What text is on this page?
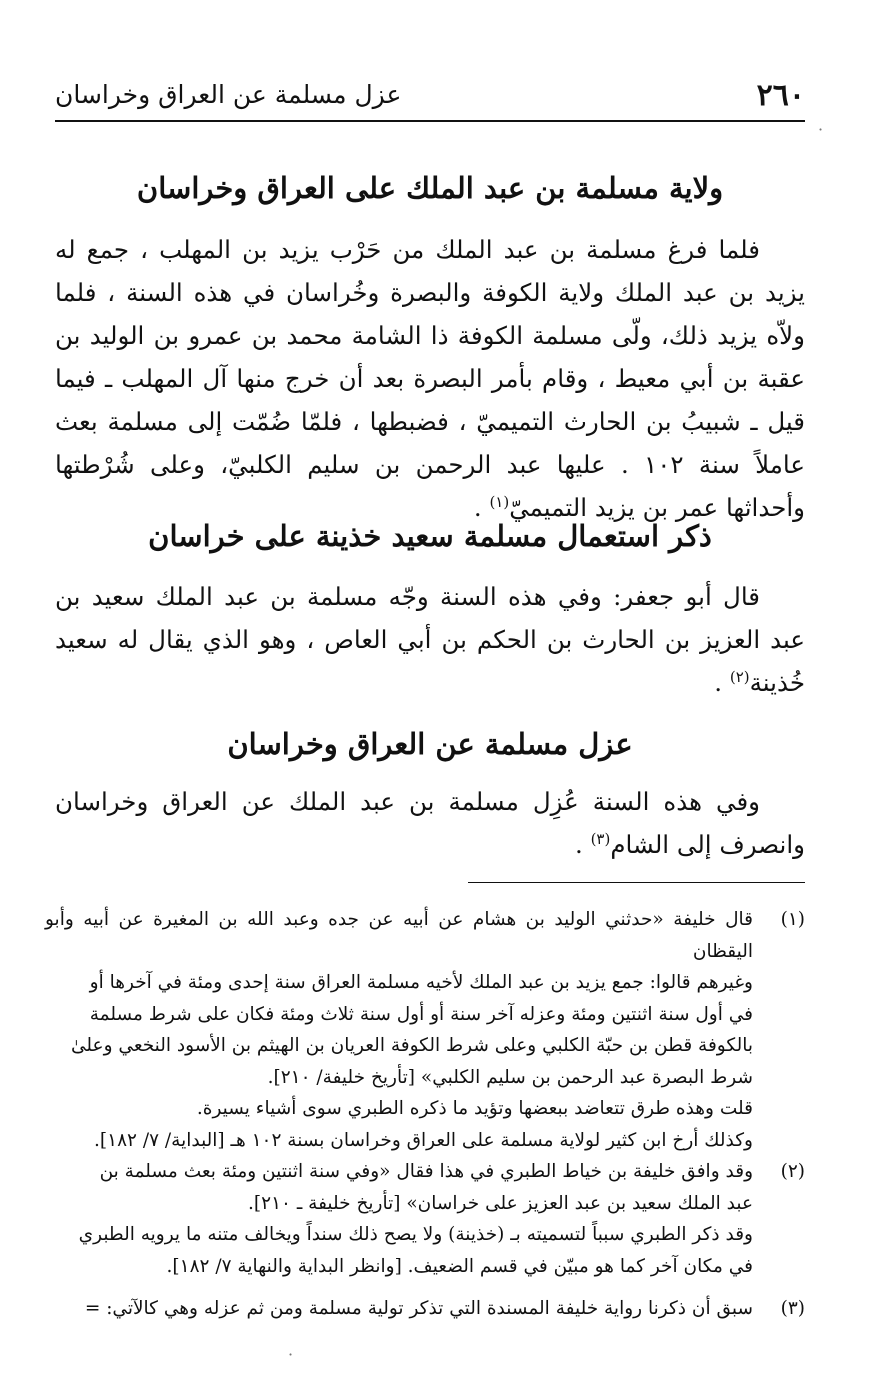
٢٦٠
عزل مسلمة عن العراق وخراسان
ولاية مسلمة بن عبد الملك على العراق وخراسان
فلما فرغ مسلمة بن عبد الملك من حَرْب يزيد بن المهلب ، جمع له يزيد بن عبد الملك ولاية الكوفة والبصرة وخُراسان في هذه السنة ، فلما ولاّه يزيد ذلك، ولّى مسلمة الكوفة ذا الشامة محمد بن عمرو بن الوليد بن عقبة بن أبي معيط ، وقام بأمر البصرة بعد أن خرج منها آل المهلب ـ فيما قيل ـ شبيبُ بن الحارث التميميّ ، فضبطها ، فلمّا ضُمّت إلى مسلمة بعث عاملاً سنة ١٠٢ . عليها عبد الرحمن بن سليم الكلبيّ، وعلى شُرْطتها وأحداثها عمر بن يزيد التميميّ$^{(١)}$ .
ذكر استعمال مسلمة سعيد خذينة على خراسان
قال أبو جعفر: وفي هذه السنة وجّه مسلمة بن عبد الملك سعيد بن عبد العزيز بن الحارث بن الحكم بن أبي العاص ، وهو الذي يقال له سعيد خُذينة$^{(٢)}$ .
عزل مسلمة عن العراق وخراسان
وفي هذه السنة عُزِل مسلمة بن عبد الملك عن العراق وخراسان وانصرف إلى الشام$^{(٣)}$ .
(١)
قال خليفة «حدثني الوليد بن هشام عن أبيه عن جده وعبد الله بن المغيرة عن أبيه وأبو اليقظان
وغيرهم قالوا: جمع يزيد بن عبد الملك لأخيه مسلمة العراق سنة إحدى ومئة في آخرها أو
في أول سنة اثنتين ومئة وعزله آخر سنة أو أول سنة ثلاث ومئة فكان على شرط مسلمة
بالكوفة قطن بن حبّة الكلبي وعلى شرط الكوفة العريان بن الهيثم بن الأسود النخعي وعلىٰ
شرط البصرة عبد الرحمن بن سليم الكلبي» [تأريخ خليفة/ ٢١٠].
قلت وهذه طرق تتعاضد ببعضها وتؤيد ما ذكره الطبري سوى أشياء يسيرة.
وكذلك أرخ ابن كثير لولاية مسلمة على العراق وخراسان بسنة ١٠٢ هـ [البداية/ ٧/ ١٨٢].
(٢)
وقد وافق خليفة بن خياط الطبري في هذا فقال «وفي سنة اثنتين ومئة بعث مسلمة بن
عبد الملك سعيد بن عبد العزيز على خراسان» [تأريخ خليفة ـ ٢١٠].
وقد ذكر الطبري سبباً لتسميته بـ (خذينة) ولا يصح ذلك سنداً ويخالف متنه ما يرويه الطبري
في مكان آخر كما هو مبيّن في قسم الضعيف. [وانظر البداية والنهاية ٧/ ١٨٢].
(٣)
سبق أن ذكرنا رواية خليفة المسندة التي تذكر تولية مسلمة ومن ثم عزله وهي كالآتي: =
·
·
